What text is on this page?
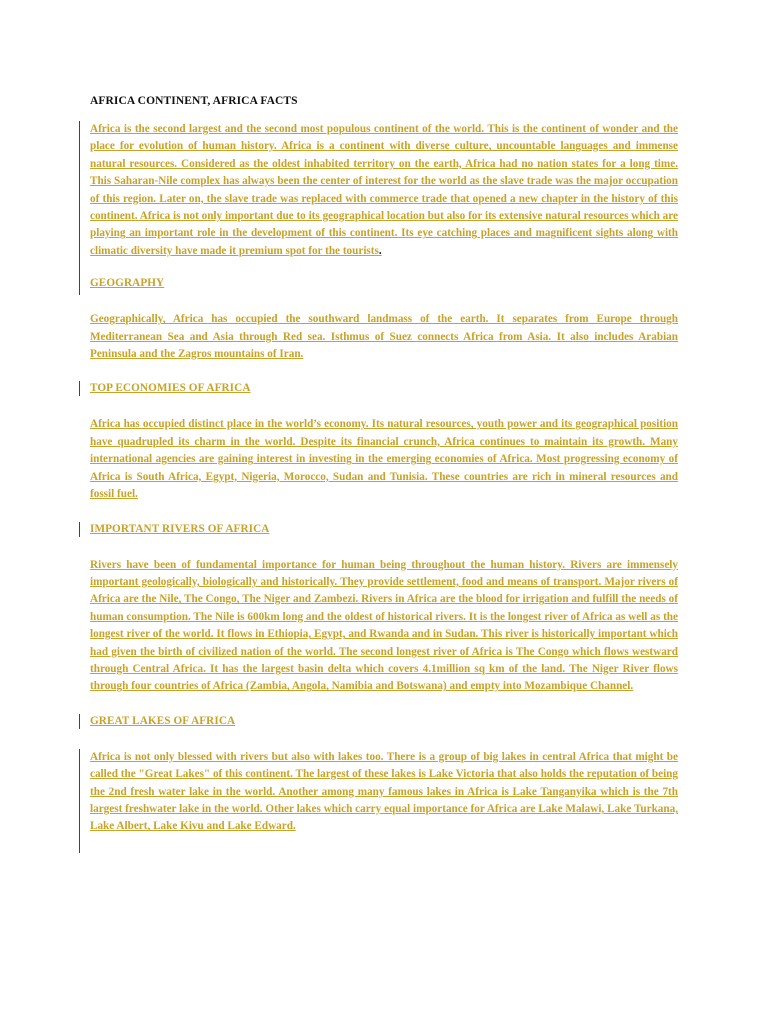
AFRICA CONTINENT, AFRICA FACTS

Africa is the second largest and the second most populous continent of the world. This is the continent of wonder and the place for evolution of human history. Africa is a continent with diverse culture, uncountable languages and immense natural resources. Considered as the oldest inhabited territory on the earth, Africa had no nation states for a long time. This Saharan-Nile complex has always been the center of interest for the world as the slave trade was the major occupation of this region. Later on, the slave trade was replaced with commerce trade that opened a new chapter in the history of this continent. Africa is not only important due to its geographical location but also for its extensive natural resources which are playing an important role in the development of this continent. Its eye catching places and magnificent sights along with climatic diversity have made it premium spot for the tourists.

GEOGRAPHY

Geographically, Africa has occupied the southward landmass of the earth. It separates from Europe through Mediterranean Sea and Asia through Red sea. Isthmus of Suez connects Africa from Asia. It also includes Arabian Peninsula and the Zagros mountains of Iran.

TOP ECONOMIES OF AFRICA

Africa has occupied distinct place in the world’s economy. Its natural resources, youth power and its geographical position have quadrupled its charm in the world. Despite its financial crunch, Africa continues to maintain its growth. Many international agencies are gaining interest in investing in the emerging economies of Africa. Most progressing economy of Africa is South Africa, Egypt, Nigeria, Morocco, Sudan and Tunisia. These countries are rich in mineral resources and fossil fuel.

IMPORTANT RIVERS OF AFRICA

Rivers have been of fundamental importance for human being throughout the human history. Rivers are immensely important geologically, biologically and historically. They provide settlement, food and means of transport. Major rivers of Africa are the Nile, The Congo, The Niger and Zambezi. Rivers in Africa are the blood for irrigation and fulfill the needs of human consumption. The Nile is 600km long and the oldest of historical rivers. It is the longest river of Africa as well as the longest river of the world. It flows in Ethiopia, Egypt, and Rwanda and in Sudan. This river is historically important which had given the birth of civilized nation of the world. The second longest river of Africa is The Congo which flows westward through Central Africa. It has the largest basin delta which covers 4.1million sq km of the land. The Niger River flows through four countries of Africa (Zambia, Angola, Namibia and Botswana) and empty into Mozambique Channel.

GREAT LAKES OF AFRICA

Africa is not only blessed with rivers but also with lakes too. There is a group of big lakes in central Africa that might be called the "Great Lakes" of this continent. The largest of these lakes is Lake Victoria that also holds the reputation of being the 2nd fresh water lake in the world. Another among many famous lakes in Africa is Lake Tanganyika which is the 7th largest freshwater lake in the world. Other lakes which carry equal importance for Africa are Lake Malawi, Lake Turkana, Lake Albert, Lake Kivu and Lake Edward.
